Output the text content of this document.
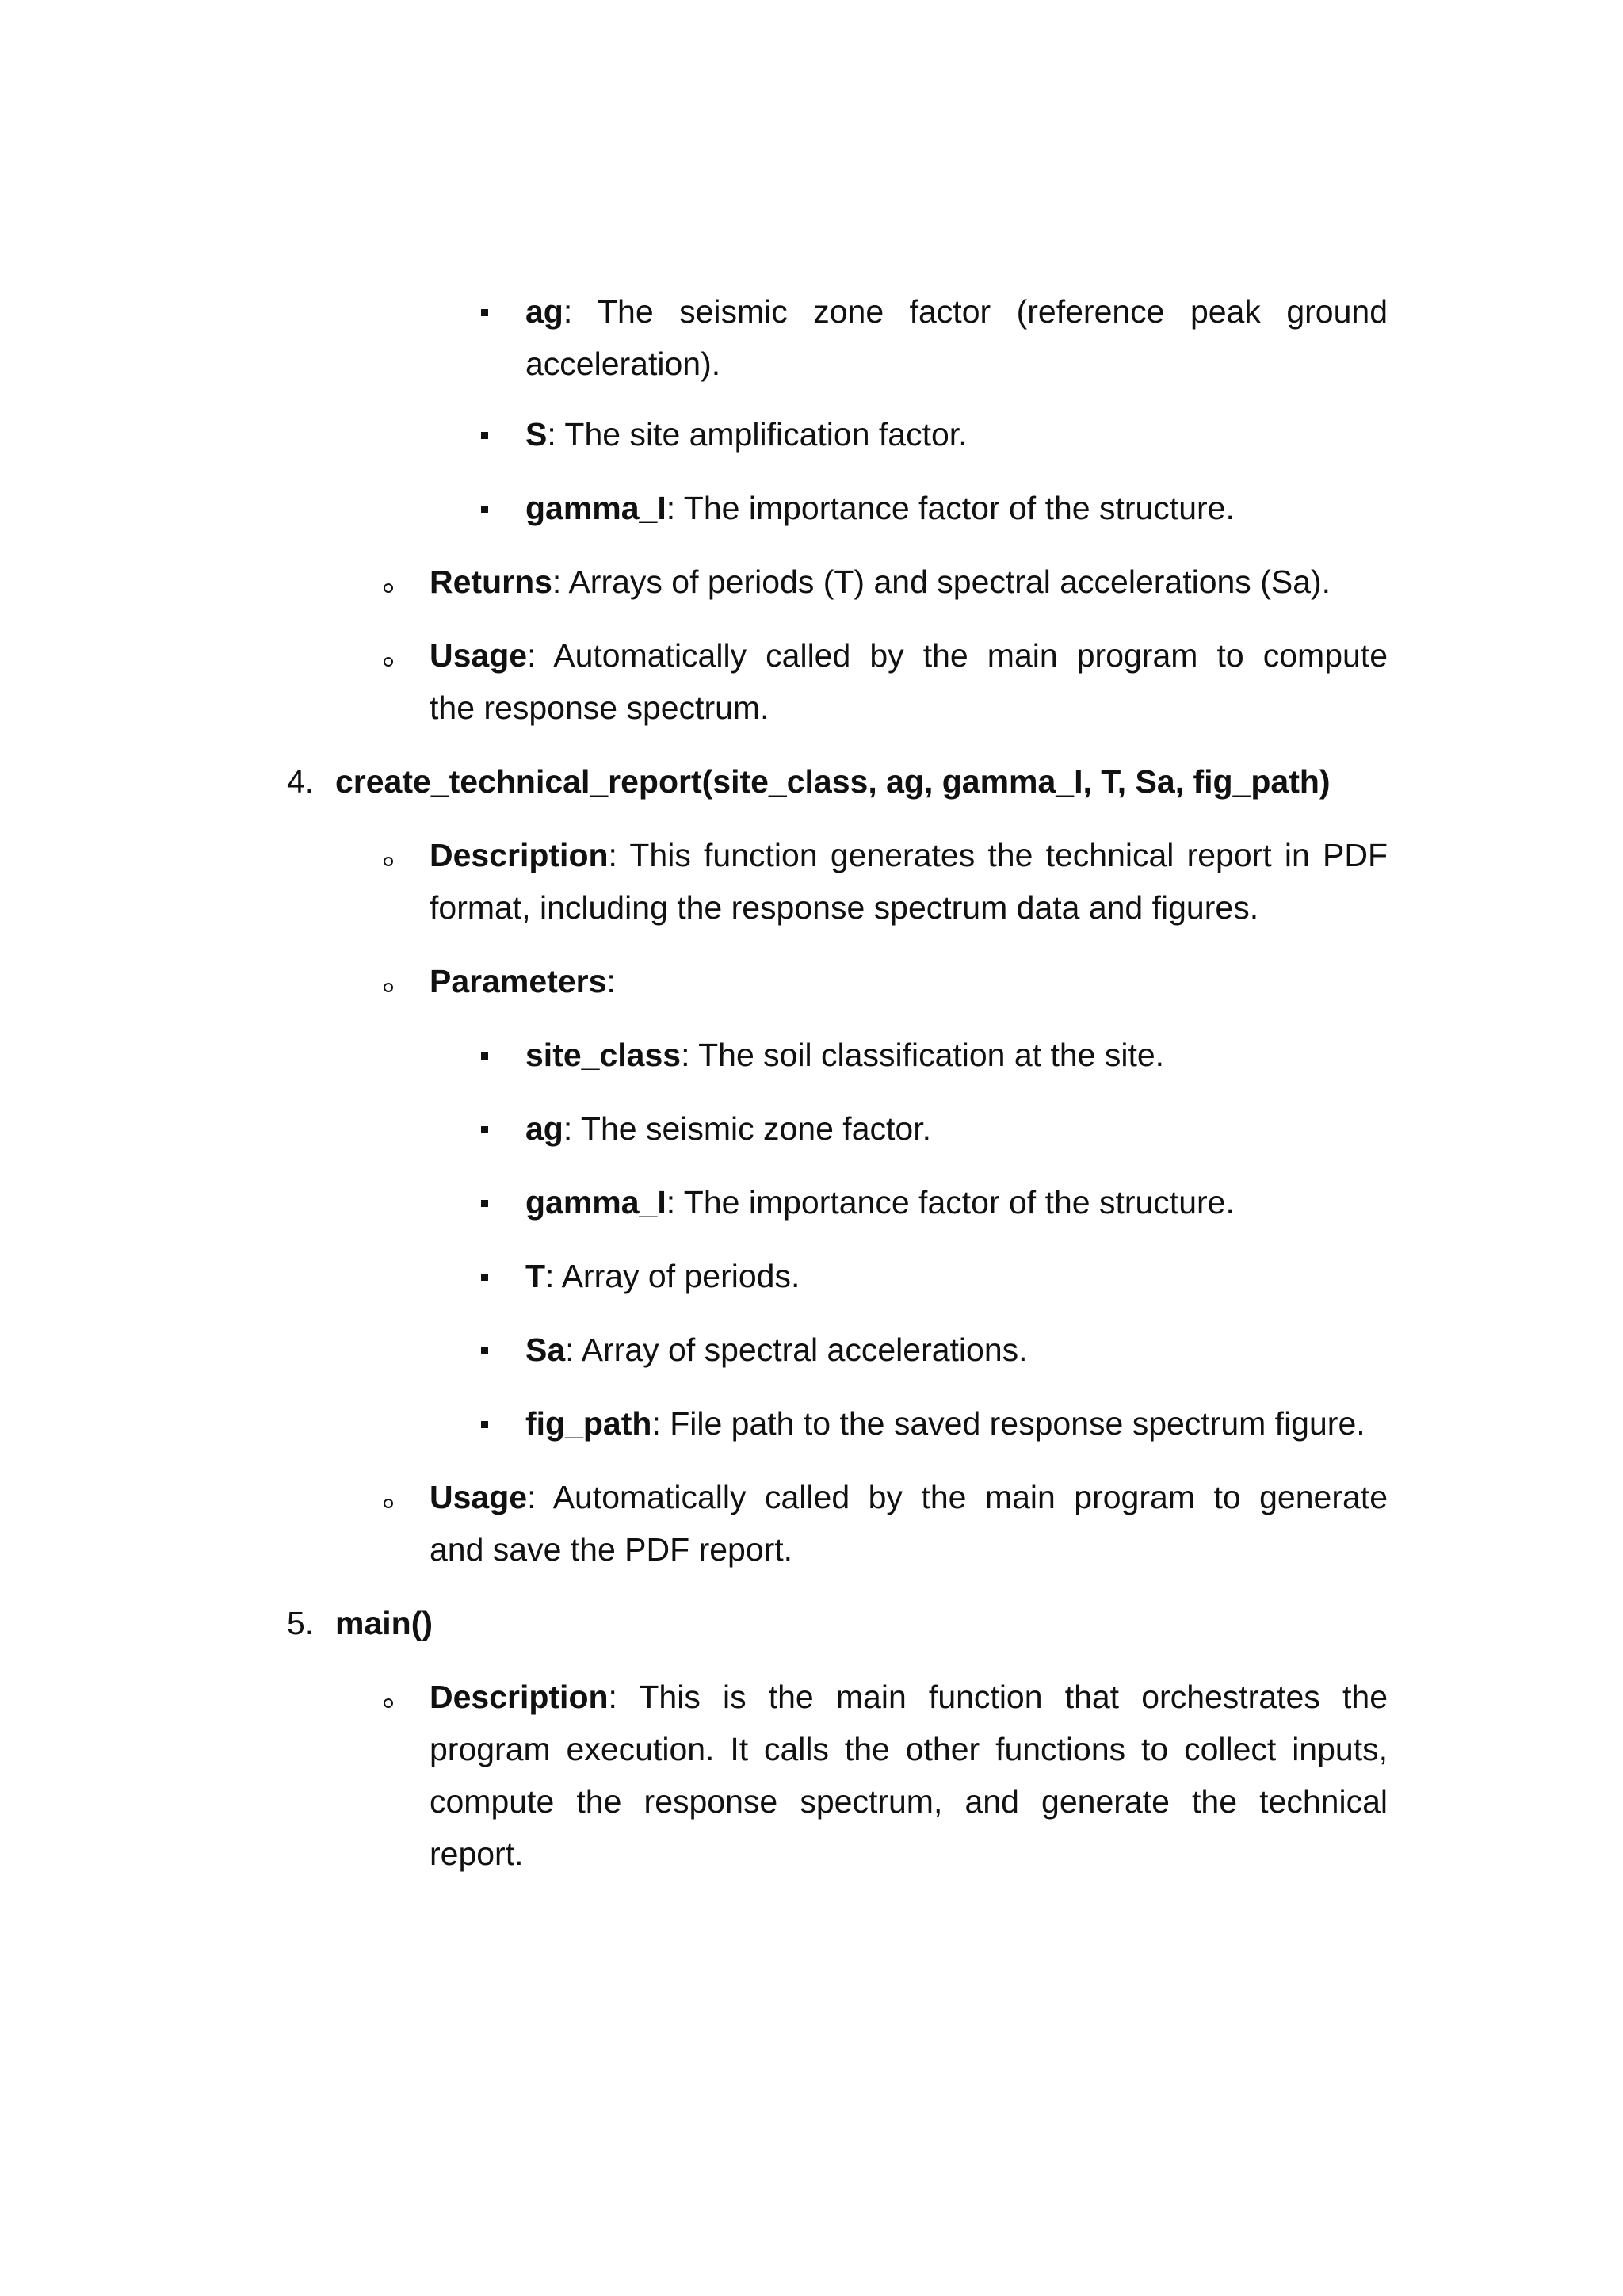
ag: The seismic zone factor (reference peak ground
acceleration).
S: The site amplification factor.
gamma_I: The importance factor of the structure.
Returns: Arrays of periods (T) and spectral accelerations (Sa).
Usage: Automatically called by the main program to compute
the response spectrum.
4. create_technical_report(site_class, ag, gamma_I, T, Sa, fig_path)
Description: This function generates the technical report in PDF
format, including the response spectrum data and figures.
Parameters:
site_class: The soil classification at the site.
ag: The seismic zone factor.
gamma_I: The importance factor of the structure.
T: Array of periods.
Sa: Array of spectral accelerations.
fig_path: File path to the saved response spectrum figure.
Usage: Automatically called by the main program to generate
and save the PDF report.
5. main()
Description: This is the main function that orchestrates the
program execution. It calls the other functions to collect inputs,
compute the response spectrum, and generate the technical
report.
